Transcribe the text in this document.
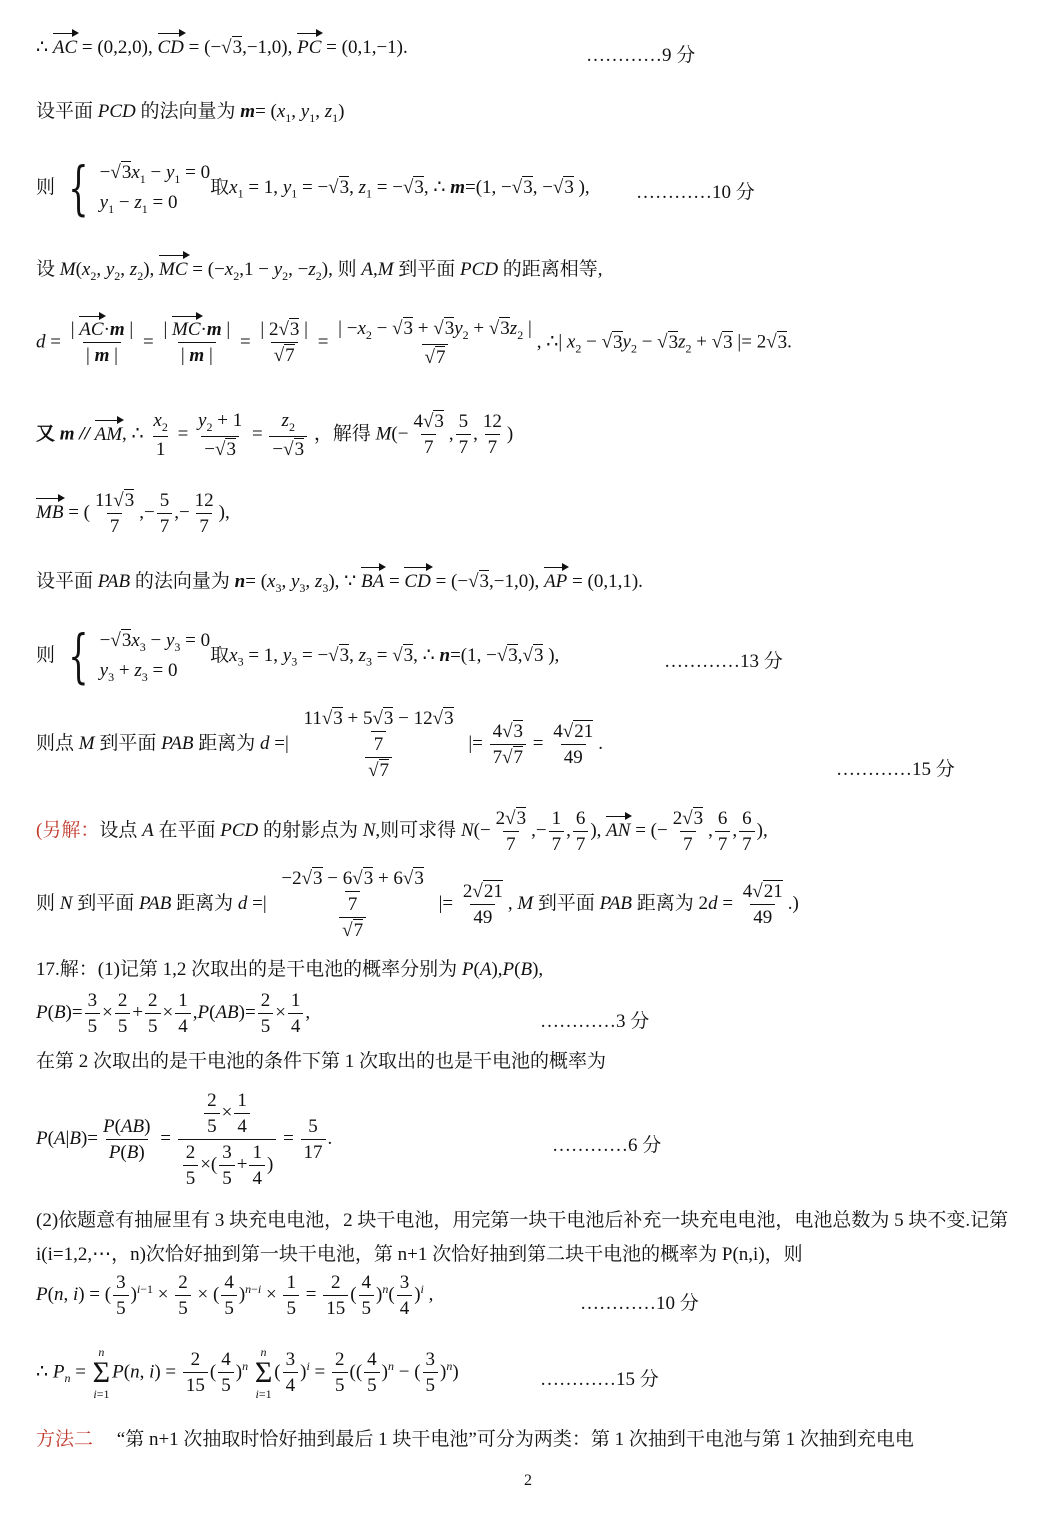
∴ AC = (0,2,0), CD = (−√3,−1,0), PC = (0,1,−1).	…………9 分
设平面 PCD 的法向量为 $m= (x_1$, $y_1$, $z_1$)
则 { $-√3x_1 - y_1 = 0$
$y_1 - z_1 = 0$
取$x_1 = 1$, $y_1 = -√3$, $z_1 = -√3$, ∴ m=(1, −√3, −√3 ),	…………10 分
设 $M(x_2$, $y_2$, $z_2$), MC = ($-x_2,1 - y_2$, $-z_2$), 则 A,M 到平面 PCD 的距离相等,
$d = \frac{| AC\cdot m |}{| m |} = \frac{| MC\cdot m |}{| m |} = \frac{| 2√3 |}{√7} = \frac{| -x_2 - √3 + √3y_2 + √3z_2 |}{√7}$ , ∴| $x_2 - √3y_2 - √3z_2 + √3$ |= 2√3.
又 m // AM, ∴ $\frac{x_2}{1} = \frac{y_2 + 1}{-√3} = \frac{z_2}{-√3}$ ，解得 $M(- \frac{4√3}{7}$ , $\frac{5}{7}$ , $\frac{12}{7}$ )
MB = ( $\frac{11√3}{7}$ ,− $\frac{5}{7}$ ,− $\frac{12}{7}$ ),
设平面 PAB 的法向量为 $n= (x_3$, $y_3$, $z_3$), ∵ BA = CD = (−√3,−1,0), AP = (0,1,1).
则 { $-√3x_3 - y_3 = 0$
$y_3 + z_3 = 0$
取$x_3 = 1$, $y_3 = -√3$, $z_3 = √3$, ∴ n=(1, −√3,√3 ),	…………13 分
则点 M 到平面 PAB 距离为 d =| $\frac{\frac{11√3 + 5√3 - 12√3}{7}}{√7}$ |= $\frac{4√3}{7√7} = \frac{4√21}{49}$ .
…………15 分
(另解：设点 A 在平面 PCD 的射影点为 N,则可求得 $N(- \frac{2√3}{7}$ ,− $\frac{1}{7}$ , $\frac{6}{7}$ ), AN = (− $\frac{2√3}{7}$ , $\frac{6}{7}$ , $\frac{6}{7}$ ),
则 N 到平面 PAB 距离为 d =| $\frac{\frac{-2√3 - 6√3 + 6√3}{7}}{√7}$ |= $\frac{2√21}{49}$ , M 到平面 PAB 距离为 $2d = \frac{4√21}{49}$ .)
17.解：(1)记第 1,2 次取出的是干电池的概率分别为 P(A),P(B),
$P(B)= \frac{3}{5} \times \frac{2}{5} + \frac{2}{5} \times \frac{1}{4} ,P(AB)= \frac{2}{5} \times \frac{1}{4}$ ,	…………3 分
在第 2 次取出的是干电池的条件下第 1 次取出的也是干电池的概率为
$P(A|B)= \frac{P(AB)}{P(B)} = \frac{\frac{2}{5} \times \frac{1}{4}}{\frac{2}{5} \times( \frac{3}{5} + \frac{1}{4} )} = \frac{5}{17}$ .	…………6 分
(2)依题意有抽屉里有 3 块充电电池，2 块干电池，用完第一块干电池后补充一块充电电池，电池总数为 5 块不变.记第 i(i=1,2,⋯，n)次恰好抽到第一块干电池，第 n+1 次恰好抽到第二块干电池的概率为 P(n,i)，则
P(n, i) = ( $\frac{3}{5} )^{i-1} \times \frac{2}{5}$ × ( $\frac{4}{5} )^{n-i} \times \frac{1}{5} = \frac{2}{15}$ ( $\frac{4}{5} )^n( \frac{3}{4} )^i$ ,	…………10 分
∴ $P_n$ =
n
Σ
i=1
P(n, $i) = \frac{2}{15}$ ( $\frac{4}{5} )^n$
n
Σ
i=1
( $\frac{3}{4} )^i = \frac{2}{5}$ (( $\frac{4}{5} )^n$ − ( $\frac{3}{5} )^n$)	…………15 分
方法二 “第 n+1 次抽取时恰好抽到最后 1 块干电池”可分为两类：第 1 次抽到干电池与第 1 次抽到充电电
2
